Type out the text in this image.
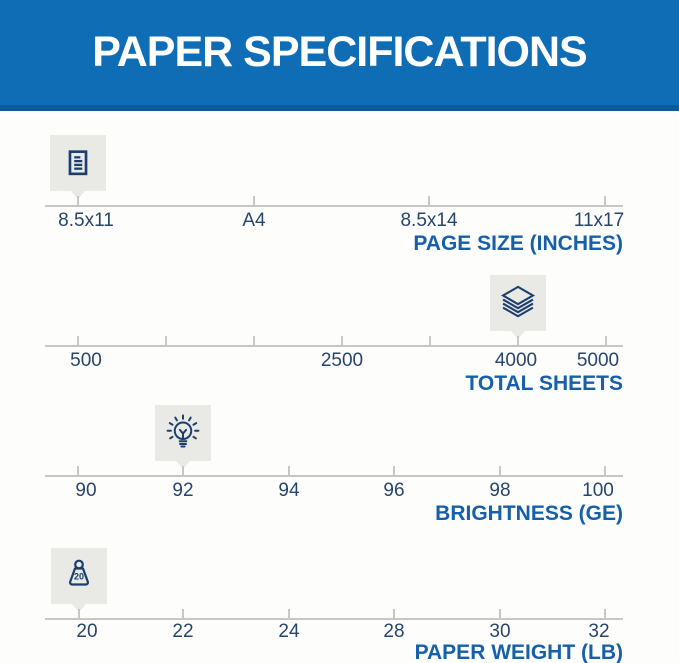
PAPER SPECIFICATIONS
8.5x11	A4	8.5x14	11x17
PAGE SIZE (INCHES)
500	2500	4000 5000
TOTAL SHEETS
90	92	94	96	98	100
BRIGHTNESS (GE)
20
20	22	24	28	30	32
PAPER WEIGHT (LB)
